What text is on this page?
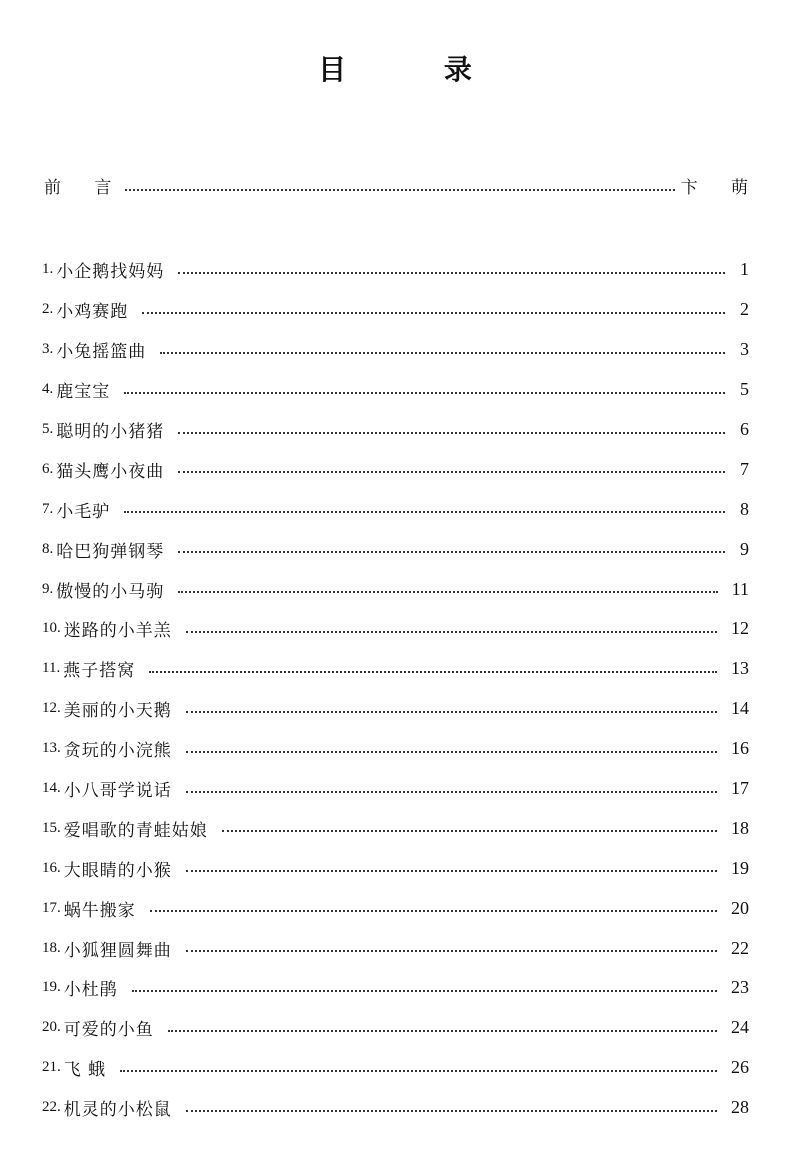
目 录
前 言	卞 萌
1. 小企鹅找妈妈	1
2. 小鸡赛跑	2
3. 小兔摇篮曲	3
4. 鹿宝宝	5
5. 聪明的小猪猪	6
6. 猫头鹰小夜曲	7
7. 小毛驴	8
8. 哈巴狗弹钢琴	9
9. 傲慢的小马驹	11
10. 迷路的小羊羔	12
11. 燕子搭窝	13
12. 美丽的小天鹅	14
13. 贪玩的小浣熊	16
14. 小八哥学说话	17
15. 爱唱歌的青蛙姑娘	18
16. 大眼睛的小猴	19
17. 蜗牛搬家	20
18. 小狐狸圆舞曲	22
19. 小杜鹃	23
20. 可爱的小鱼	24
21. 飞 蛾	26
22. 机灵的小松鼠	28
